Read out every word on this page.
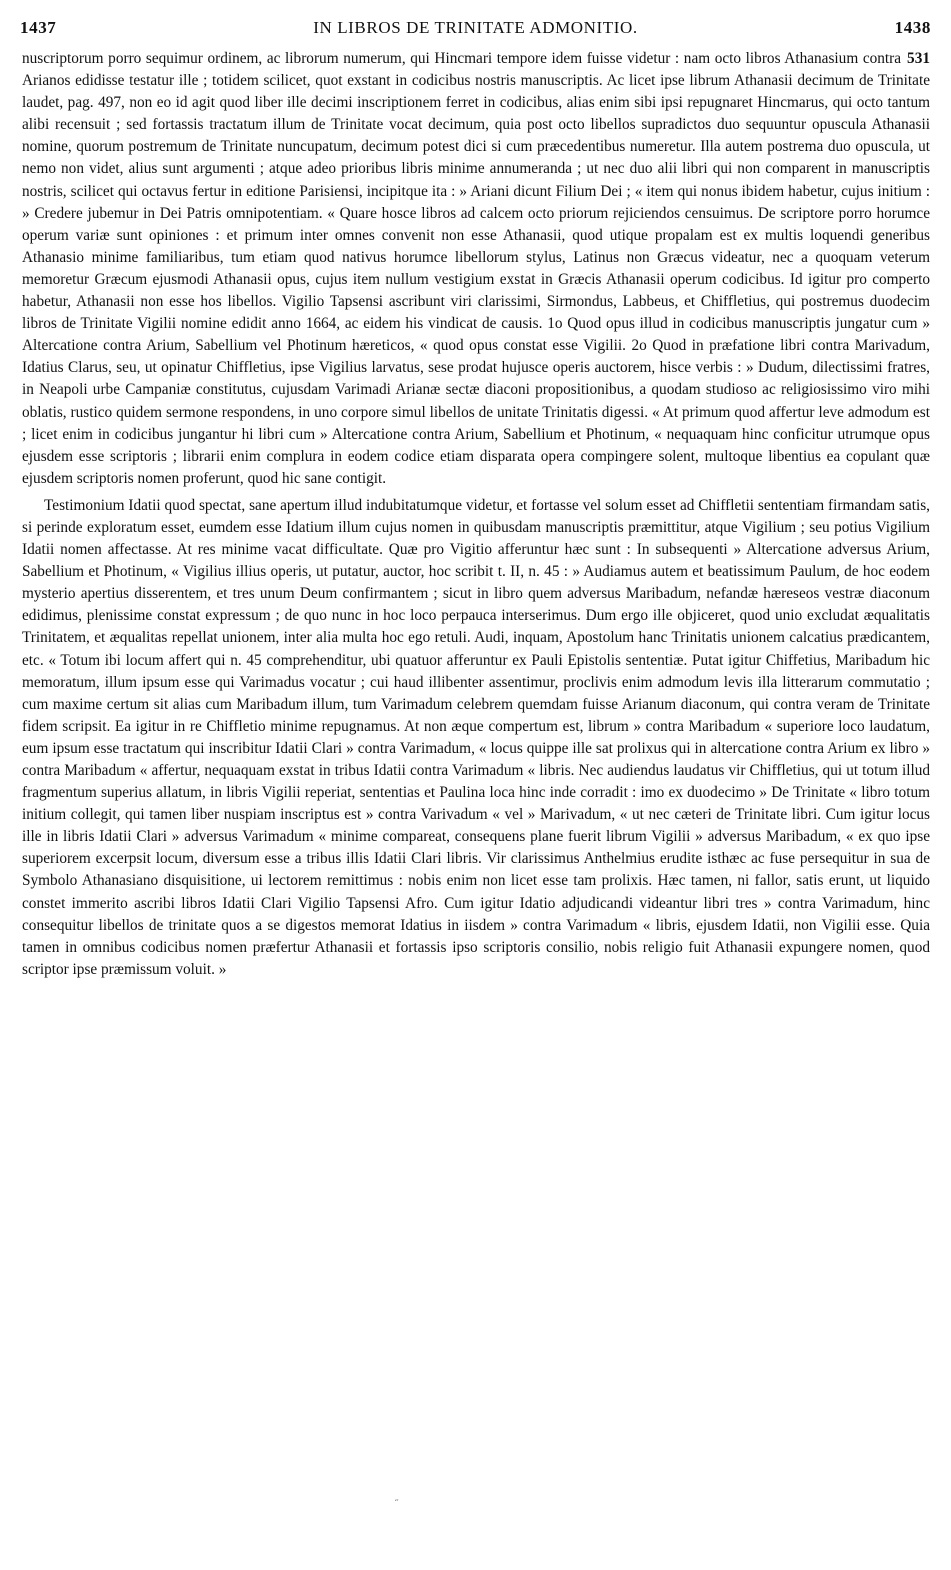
1437	IN LIBROS DE TRINITATE ADMONITIO.	1438

531
nuscriptorum porro sequimur ordinem, ac librorum numerum, qui Hincmari tempore idem fuisse videtur : nam octo libros Athanasium contra Arianos edidisse testatur ille ; totidem scilicet, quot exstant in codicibus nostris manuscriptis. Ac licet ipse librum Athanasii decimum de Trinitate laudet, pag. 497, non eo id agit quod liber ille decimi inscriptionem ferret in codicibus, alias enim sibi ipsi repugnaret Hincmarus, qui octo tantum alibi recensuit ; sed fortassis tractatum illum de Trinitate vocat decimum, quia post octo libellos supradictos duo sequuntur opuscula Athanasii nomine, quorum postremum de Trinitate nuncupatum, decimum potest dici si cum præcedentibus numeretur. Illa autem postrema duo opuscula, ut nemo non videt, alius sunt argumenti ; atque adeo prioribus libris minime annumeranda ; ut nec duo alii libri qui non comparent in manuscriptis nostris, scilicet qui octavus fertur in editione Parisiensi, incipitque ita : » Ariani dicunt Filium Dei ; « item qui nonus ibidem habetur, cujus initium : » Credere jubemur in Dei Patris omnipotentiam. « Quare hosce libros ad calcem octo priorum rejiciendos censuimus. De scriptore porro horumce operum variæ sunt opiniones : et primum inter omnes convenit non esse Athanasii, quod utique propalam est ex multis loquendi generibus Athanasio minime familiaribus, tum etiam quod nativus horumce libellorum stylus, Latinus non Græcus videatur, nec a quoquam veterum memoretur Græcum ejusmodi Athanasii opus, cujus item nullum vestigium exstat in Græcis Athanasii operum codicibus. Id igitur pro comperto habetur, Athanasii non esse hos libellos. Vigilio Tapsensi ascribunt viri clarissimi, Sirmondus, Labbeus, et Chiffletius, qui postremus duodecim libros de Trinitate Vigilii nomine edidit anno 1664, ac eidem his vindicat de causis. 1o Quod opus illud in codicibus manuscriptis jungatur cum » Altercatione contra Arium, Sabellium vel Photinum hæreticos, « quod opus constat esse Vigilii. 2o Quod in præfatione libri contra Marivadum, Idatius Clarus, seu, ut opinatur Chiffletius, ipse Vigilius larvatus, sese prodat hujusce operis auctorem, hisce verbis : » Dudum, dilectissimi fratres, in Neapoli urbe Campaniæ constitutus, cujusdam Varimadi Arianæ sectæ diaconi propositionibus, a quodam studioso ac religiosissimo viro mihi oblatis, rustico quidem sermone respondens, in uno corpore simul libellos de unitate Trinitatis digessi. « At primum quod affertur leve admodum est ; licet enim in codicibus jungantur hi libri cum » Altercatione contra Arium, Sabellium et Photinum, « nequaquam hinc conficitur utrumque opus ejusdem esse scriptoris ; librarii enim complura in eodem codice etiam disparata opera compingere solent, multoque libentius ea copulant quæ ejusdem scriptoris nomen proferunt, quod hic sane contigit.

Testimonium Idatii quod spectat, sane apertum illud indubitatumque videtur, et fortasse vel solum esset ad Chiffletii sententiam firmandam satis, si perinde exploratum esset, eumdem esse Idatium illum cujus nomen in quibusdam manuscriptis præmittitur, atque Vigilium ; seu potius Vigilium Idatii nomen affectasse. At res minime vacat difficultate. Quæ pro Vigitio afferuntur hæc sunt : In subsequenti » Altercatione adversus Arium, Sabellium et Photinum, « Vigilius illius operis, ut putatur, auctor, hoc scribit t. II, n. 45 : » Audiamus autem et beatissimum Paulum, de hoc eodem mysterio apertius disserentem, et tres unum Deum confirmantem ; sicut in libro quem adversus Maribadum, nefandæ hæreseos vestræ diaconum edidimus, plenissime constat expressum ; de quo nunc in hoc loco perpauca interserimus. Dum ergo ille objiceret, quod unio excludat æqualitatis Trinitatem, et æqualitas repellat unionem, inter alia multa hoc ego retuli. Audi, inquam, Apostolum hanc Trinitatis unionem calcatius prædicantem, etc. « Totum ibi locum affert qui n. 45 comprehenditur, ubi quatuor afferuntur ex Pauli Epistolis sententiæ. Putat igitur Chiffetius, Maribadum hic memoratum, illum ipsum esse qui Varimadus vocatur ; cui haud illibenter assentimur, proclivis enim admodum levis illa litterarum commutatio ; cum maxime certum sit alias cum Maribadum illum, tum Varimadum celebrem quemdam fuisse Arianum diaconum, qui contra veram de Trinitate fidem scripsit. Ea igitur in re Chiffletio minime repugnamus. At non æque compertum est, librum » contra Maribadum « superiore loco laudatum, eum ipsum esse tractatum qui inscribitur Idatii Clari » contra Varimadum, « locus quippe ille sat prolixus qui in altercatione contra Arium ex libro » contra Maribadum « affertur, nequaquam exstat in tribus Idatii contra Varimadum « libris. Nec audiendus laudatus vir Chiffletius, qui ut totum illud fragmentum superius allatum, in libris Vigilii reperiat, sententias et Paulina loca hinc inde corradit : imo ex duodecimo » De Trinitate « libro totum initium collegit, qui tamen liber nuspiam inscriptus est » contra Varivadum « vel » Marivadum, « ut nec cæteri de Trinitate libri. Cum igitur locus ille in libris Idatii Clari » adversus Varimadum « minime compareat, consequens plane fuerit librum Vigilii » adversus Maribadum, « ex quo ipse superiorem excerpsit locum, diversum esse a tribus illis Idatii Clari libris. Vir clarissimus Anthelmius erudite isthæc ac fuse persequitur in sua de Symbolo Athanasiano disquisitione, ui lectorem remittimus : nobis enim non licet esse tam prolixis. Hæc tamen, ni fallor, satis erunt, ut liquido constet immerito ascribi libros Idatii Clari Vigilio Tapsensi Afro. Cum igitur Idatio adjudicandi videantur libri tres » contra Varimadum, hinc consequitur libellos de trinitate quos a se digestos memorat Idatius in iisdem » contra Varimadum « libris, ejusdem Idatii, non Vigilii esse. Quia tamen in omnibus codicibus nomen præfertur Athanasii et fortassis ipso scriptoris consilio, nobis religio fuit Athanasii expungere nomen, quod scriptor ipse præmissum voluit. »

˶
